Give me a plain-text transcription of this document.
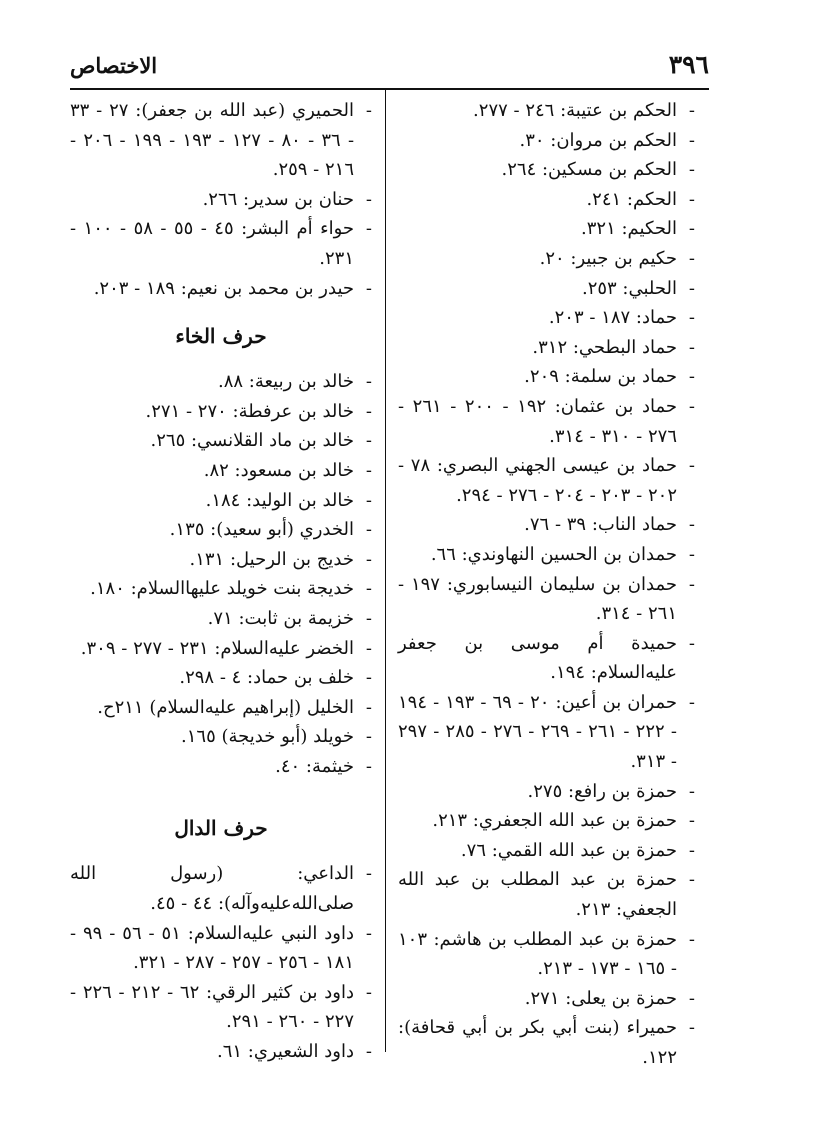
٣٩٦
الاختصاص

-
الحكم بن عتيبة: ٢٤٦ - ٢٧٧.

-
الحكم بن مروان: ٣٠.

-
الحكم بن مسكين: ٢٦٤.

-
الحكم: ٢٤١.

-
الحكيم: ٣٢١.

-
حكيم بن جبير: ٢٠.

-
الحلبي: ٢٥٣.

-
حماد: ١٨٧ - ٢٠٣.

-
حماد البطحي: ٣١٢.

-
حماد بن سلمة: ٢٠٩.

-
حماد بن عثمان: ١٩٢ - ٢٠٠ - ٢٦١ - ٢٧٦ - ٣١٠ - ٣١٤.

-
حماد بن عيسى الجهني البصري: ٧٨ - ٢٠٢ - ٢٠٣ - ٢٠٤ - ٢٧٦ - ٢٩٤.

-
حماد الناب: ٣٩ - ٧٦.

-
حمدان بن الحسين النهاوندي: ٦٦.

-
حمدان بن سليمان النيسابوري: ١٩٧ - ٢٦١ - ٣١٤.

-
حميدة أم موسى بن جعفر عليه‌السلام: ١٩٤.

-
حمران بن أعين: ٢٠ - ٦٩ - ١٩٣ - ١٩٤ - ٢٢٢ - ٢٦١ - ٢٦٩ - ٢٧٦ - ٢٨٥ - ٢٩٧ - ٣١٣.

-
حمزة بن رافع: ٢٧٥.

-
حمزة بن عبد الله الجعفري: ٢١٣.

-
حمزة بن عبد الله القمي: ٧٦.

-
حمزة بن عبد المطلب بن عبد الله الجعفي: ٢١٣.

-
حمزة بن عبد المطلب بن هاشم: ١٠٣ - ١٦٥ - ١٧٣ - ٢١٣.

-
حمزة بن يعلى: ٢٧١.

-
حميراء (بنت أبي بكر بن أبي قحافة): ١٢٢.

-
الحميري (عبد الله بن جعفر): ٢٧ - ٣٣ - ٣٦ - ٨٠ - ١٢٧ - ١٩٣ - ١٩٩ - ٢٠٦ - ٢١٦ - ٢٥٩.

-
حنان بن سدير: ٢٦٦.

-
حواء أم البشر: ٤٥ - ٥٥ - ٥٨ - ١٠٠ - ٢٣١.

-
حيدر بن محمد بن نعيم: ١٨٩ - ٢٠٣.

حرف الخاء

-
خالد بن ربيعة: ٨٨.

-
خالد بن عرفطة: ٢٧٠ - ٢٧١.

-
خالد بن ماد القلانسي: ٢٦٥.

-
خالد بن مسعود: ٨٢.

-
خالد بن الوليد: ١٨٤.

-
الخدري (أبو سعيد): ١٣٥.

-
خديج بن الرحيل: ١٣١.

-
خديجة بنت خويلد عليها‌السلام: ١٨٠.

-
خزيمة بن ثابت: ٧١.

-
الخضر عليه‌السلام: ٢٣١ - ٢٧٧ - ٣٠٩.

-
خلف بن حماد: ٤ - ٢٩٨.

-
الخليل (إبراهيم عليه‌السلام) ٢١١ح.

-
خويلد (أبو خديجة) ١٦٥.

-
خيثمة: ٤٠.

حرف الدال

-
الداعي: (رسول الله صلى‌الله‌عليه‌وآله): ٤٤ - ٤٥.

-
داود النبي عليه‌السلام: ٥١ - ٥٦ - ٩٩ - ١٨١ - ٢٥٦ - ٢٥٧ - ٢٨٧ - ٣٢١.

-
داود بن كثير الرقي: ٦٢ - ٢١٢ - ٢٢٦ - ٢٢٧ - ٢٦٠ - ٢٩١.

-
داود الشعيري: ٦١.
